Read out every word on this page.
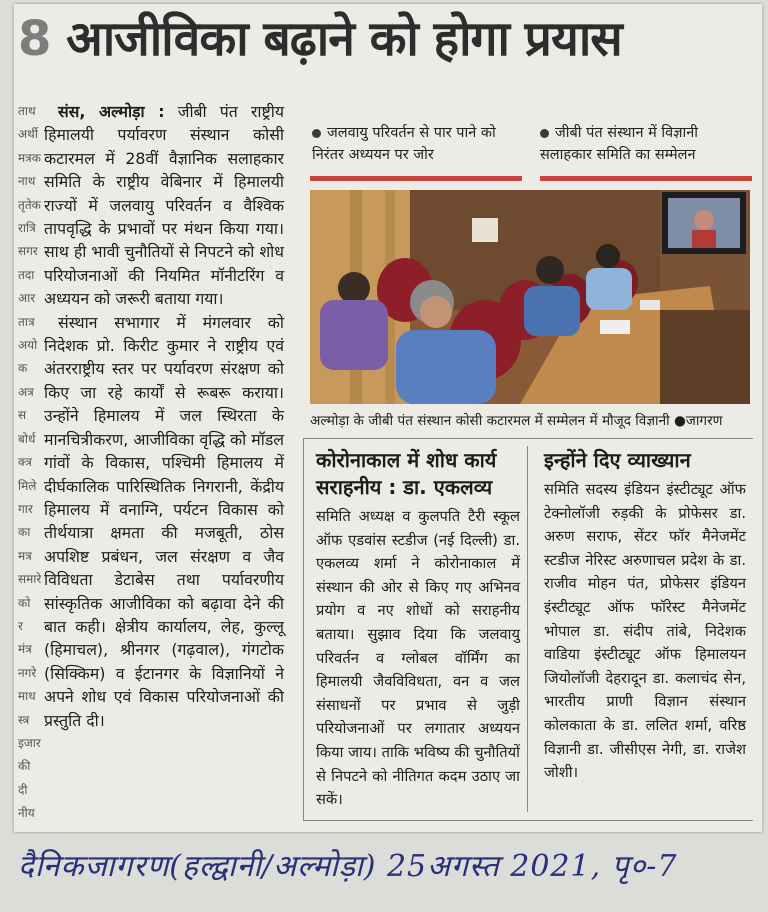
8 आजीविका बढ़ाने को होगा प्रयास
ताथ
अर्थी
मत्रक
नाथ
तृतेक
रात्रि
सगर
तदा
आर
तात्र
अयो
क
अत्र
स
बोर्ध
क्त्र
मिले
गार
का
मत्र
समारे
को
र
मंत्र
नगरे
माध
स्त्र
इजार
की
दी
नीय

संस, अल्मोड़ा : जीबी पंत राष्ट्रीय हिमालयी पर्यावरण संस्थान कोसी कटारमल में 28वीं वैज्ञानिक सलाहकार समिति के राष्ट्रीय वेबिनार में हिमालयी राज्यों में जलवायु परिवर्तन व वैश्विक तापवृद्धि के प्रभावों पर मंथन किया गया। साथ ही भावी चुनौतियों से निपटने को शोध परियोजनाओं की नियमित मॉनीटरिंग व अध्ययन को जरूरी बताया गया।

संस्थान सभागार में मंगलवार को निदेशक प्रो. किरीट कुमार ने राष्ट्रीय एवं अंतरराष्ट्रीय स्तर पर पर्यावरण संरक्षण को किए जा रहे कार्यों से रूबरू कराया। उन्होंने हिमालय में जल स्थिरता के मानचित्रीकरण, आजीविका वृद्धि को मॉडल गांवों के विकास, पश्चिमी हिमालय में दीर्घकालिक पारिस्थितिक निगरानी, केंद्रीय हिमालय में वनाग्नि, पर्यटन विकास को तीर्थयात्रा क्षमता की मजबूती, ठोस अपशिष्ट प्रबंधन, जल संरक्षण व जैव विविधता डेटाबेस तथा पर्यावरणीय सांस्कृतिक आजीविका को बढ़ावा देने की बात कही। क्षेत्रीय कार्यालय, लेह, कुल्लू (हिमाचल), श्रीनगर (गढ़वाल), गंगटोक (सिक्किम) व ईटानगर के विज्ञानियों ने अपने शोध एवं विकास परियोजनाओं की प्रस्तुति दी।

जलवायु परिवर्तन से पार पाने को निरंतर अध्ययन पर जोर
जीबी पंत संस्थान में विज्ञानी सलाहकार समिति का सम्मेलन
अल्मोड़ा के जीबी पंत संस्थान कोसी कटारमल में सम्मेलन में मौजूद विज्ञानी ●जागरण
कोरोनाकाल में शोध कार्य सराहनीय : डा. एकलव्य
समिति अध्यक्ष व कुलपति टैरी स्कूल ऑफ एडवांस स्टडीज (नई दिल्ली) डा. एकलव्य शर्मा ने कोरोनाकाल में संस्थान की ओर से किए गए अभिनव प्रयोग व नए शोधों को सराहनीय बताया। सुझाव दिया कि जलवायु परिवर्तन व ग्लोबल वॉर्मिंग का हिमालयी जैवविविधता, वन व जल संसाधनों पर प्रभाव से जुड़ी परियोजनाओं पर लगातार अध्ययन किया जाय। ताकि भविष्य की चुनौतियों से निपटने को नीतिगत कदम उठाए जा सकें।
इन्होंने दिए व्याख्यान
समिति सदस्य इंडियन इंस्टीट्यूट ऑफ टेक्नोलॉजी रुड़की के प्रोफेसर डा. अरुण सराफ, सेंटर फॉर मैनेजमेंट स्टडीज नेरिस्ट अरुणाचल प्रदेश के डा. राजीव मोहन पंत, प्रोफेसर इंडियन इंस्टीट्यूट ऑफ फॉरेस्ट मैनेजमेंट भोपाल डा. संदीप तांबे, निदेशक वाडिया इंस्टीट्यूट ऑफ हिमालयन जियोलॉजी देहरादून डा. कलाचंद सेन, भारतीय प्राणी विज्ञान संस्थान कोलकाता के डा. ललित शर्मा, वरिष्ठ विज्ञानी डा. जीसीएस नेगी, डा. राजेश जोशी।
दैनिकजागरण(हल्द्वानी/अल्मोड़ा) 25अगस्त 2021, पृ०-7
